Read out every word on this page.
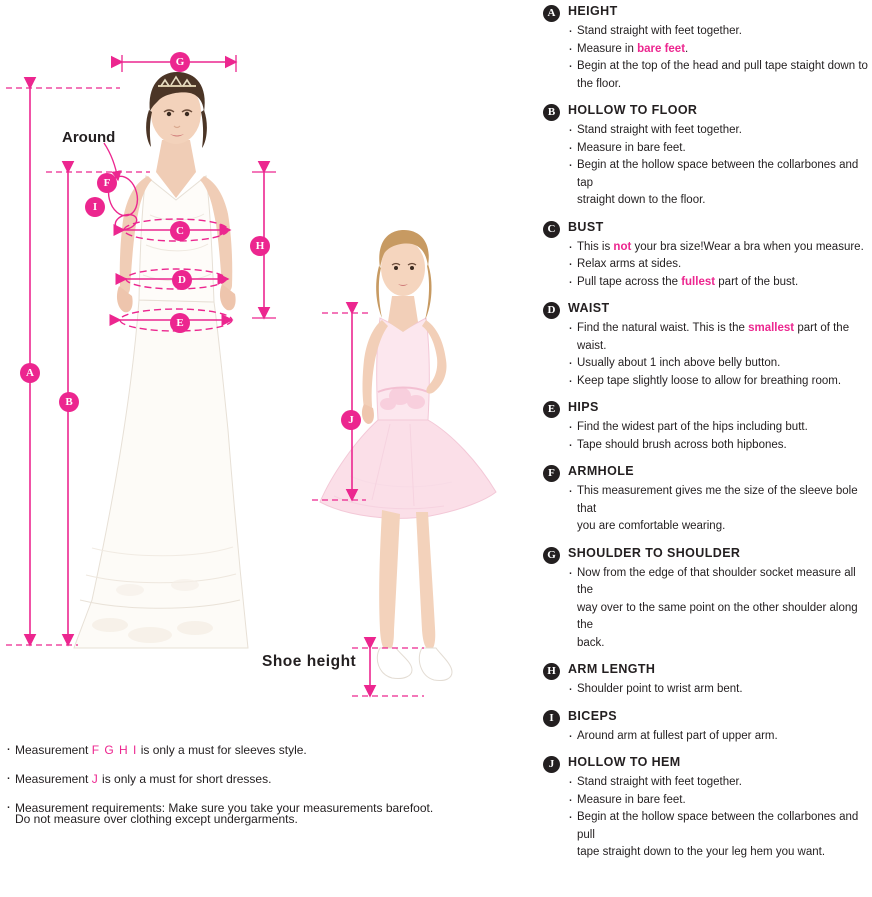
A
B
G
F
I
C
D
E
H
J
Around
Shoe height

· Measurement F G H I is only a must for sleeves style.

· Measurement J is only a must for short dresses.

· Measurement requirements: Make sure you take your measurements barefoot.

Do not measure over clothing except undergarments.

A	HEIGHT
· Stand straight with feet together.
· Measure in bare feet.
· Begin at the top of the head and pull tape staight down to
the floor.
B	HOLLOW TO FLOOR
· Stand straight with feet together.
· Measure in bare feet.
· Begin at the hollow space between the collarbones and tap
straight down to the floor.
C	BUST
· This is not your bra size!Wear a bra when you measure.
· Relax arms at sides.
· Pull tape across the fullest part of the bust.
D	WAIST
· Find the natural waist. This is the smallest part of the waist.
· Usually about 1 inch above belly button.
· Keep tape slightly loose to allow for breathing room.
E	HIPS
· Find the widest part of the hips including butt.
· Tape should brush across both hipbones.
F	ARMHOLE
· This measurement gives me the size of the sleeve bole that
you are comfortable wearing.
G SHOULDER TO SHOULDER
· Now from the edge of that shoulder socket measure all the
way over to the same point on the other shoulder along the
back.
H ARM LENGTH
· Shoulder point to wrist arm bent.
I	BICEPS
· Around arm at fullest part of upper arm.
J	HOLLOW TO HEM
· Stand straight with feet together.
· Measure in bare feet.
· Begin at the hollow space between the collarbones and pull
tape straight down to the your leg hem you want.
